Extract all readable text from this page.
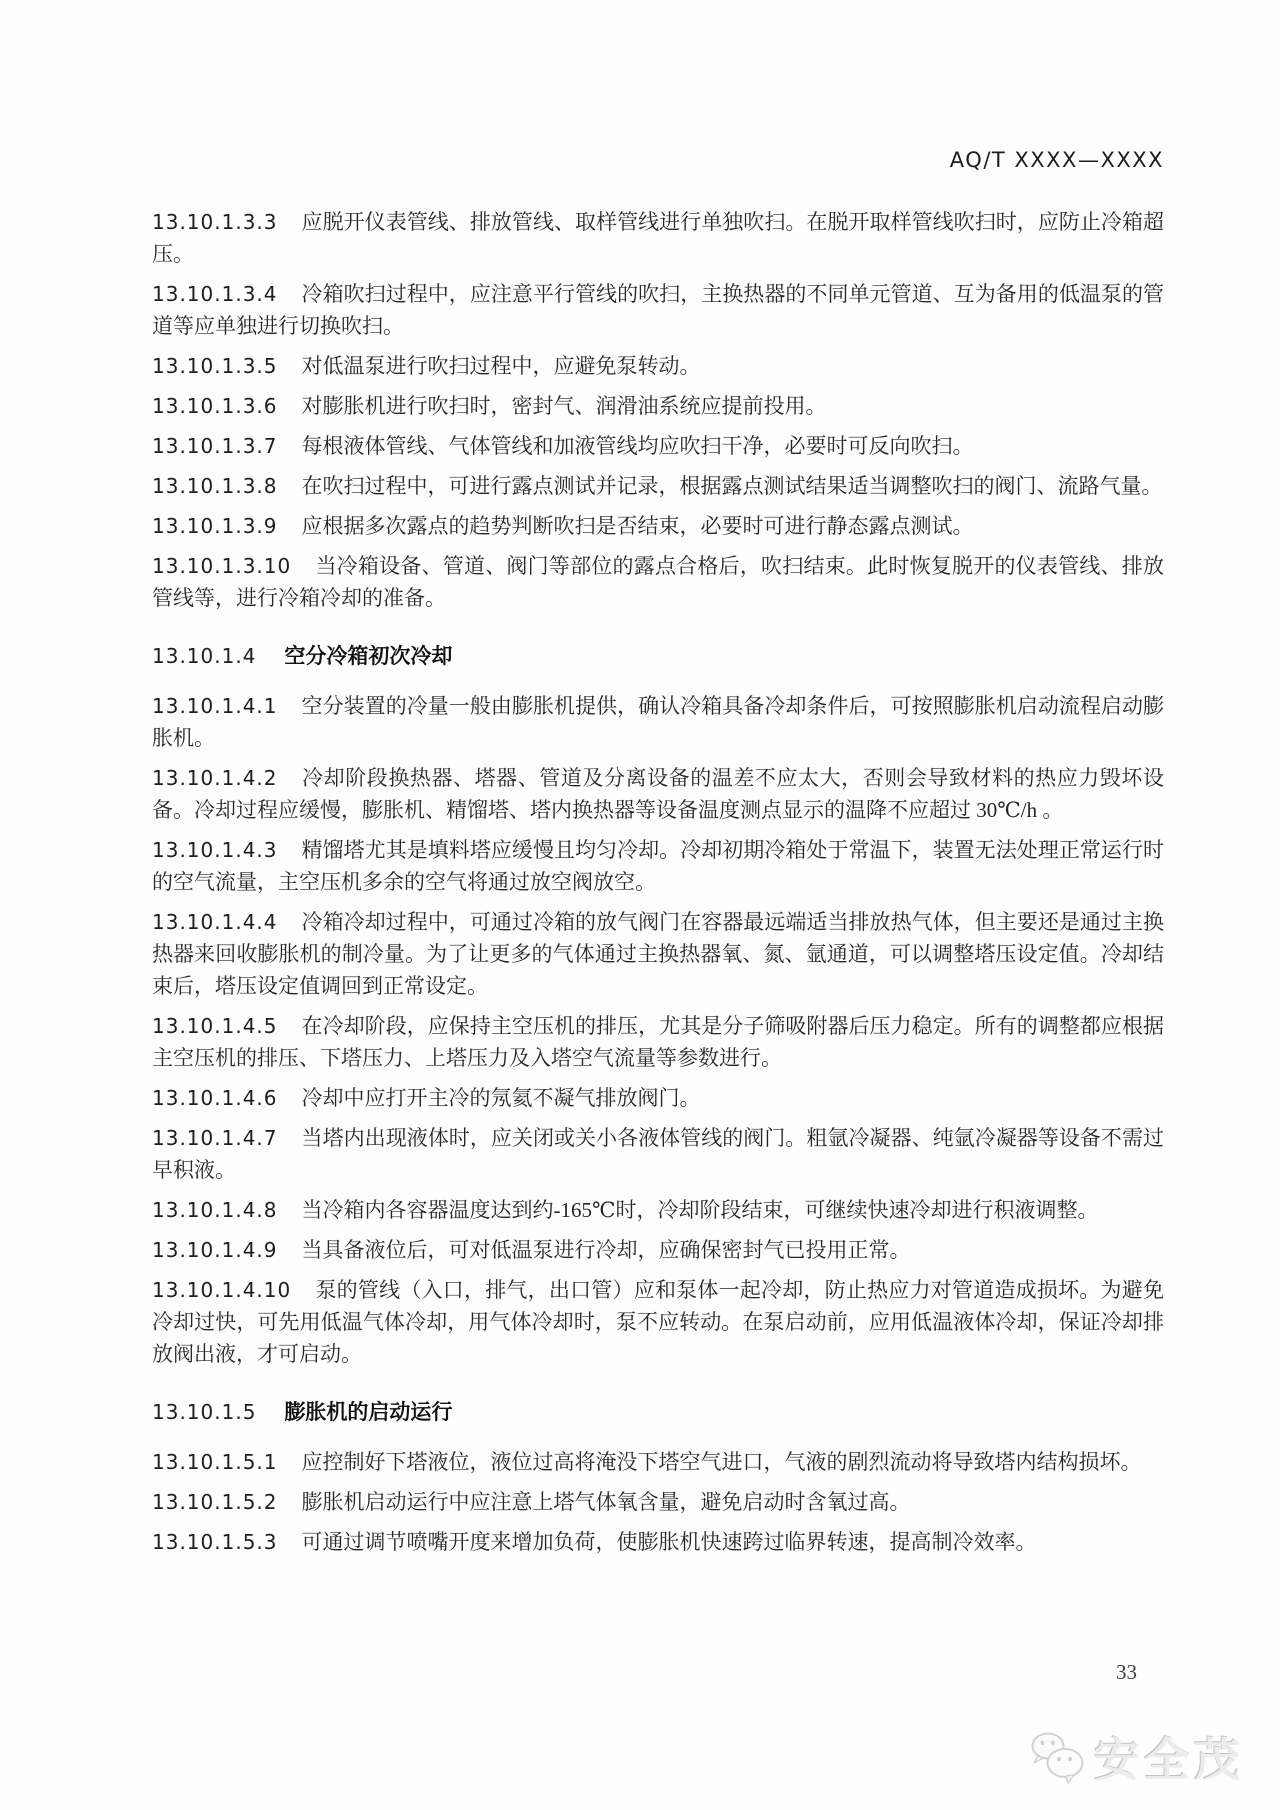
AQ/T XXXX—XXXX

13.10.1.3.3 应脱开仪表管线、排放管线、取样管线进行单独吹扫。在脱开取样管线吹扫时，应防止冷箱超压。

13.10.1.3.4 冷箱吹扫过程中，应注意平行管线的吹扫，主换热器的不同单元管道、互为备用的低温泵的管道等应单独进行切换吹扫。

13.10.1.3.5 对低温泵进行吹扫过程中，应避免泵转动。

13.10.1.3.6 对膨胀机进行吹扫时，密封气、润滑油系统应提前投用。

13.10.1.3.7 每根液体管线、气体管线和加液管线均应吹扫干净，必要时可反向吹扫。

13.10.1.3.8 在吹扫过程中，可进行露点测试并记录，根据露点测试结果适当调整吹扫的阀门、流路气量。

13.10.1.3.9 应根据多次露点的趋势判断吹扫是否结束，必要时可进行静态露点测试。

13.10.1.3.10 当冷箱设备、管道、阀门等部位的露点合格后，吹扫结束。此时恢复脱开的仪表管线、排放管线等，进行冷箱冷却的准备。

13.10.1.4 空分冷箱初次冷却

13.10.1.4.1 空分装置的冷量一般由膨胀机提供，确认冷箱具备冷却条件后，可按照膨胀机启动流程启动膨胀机。

13.10.1.4.2 冷却阶段换热器、塔器、管道及分离设备的温差不应太大，否则会导致材料的热应力毁坏设备。冷却过程应缓慢，膨胀机、精馏塔、塔内换热器等设备温度测点显示的温降不应超过 30℃/h 。

13.10.1.4.3 精馏塔尤其是填料塔应缓慢且均匀冷却。冷却初期冷箱处于常温下，装置无法处理正常运行时的空气流量，主空压机多余的空气将通过放空阀放空。

13.10.1.4.4 冷箱冷却过程中，可通过冷箱的放气阀门在容器最远端适当排放热气体，但主要还是通过主换热器来回收膨胀机的制冷量。为了让更多的气体通过主换热器氧、氮、氩通道，可以调整塔压设定值。冷却结束后，塔压设定值调回到正常设定。

13.10.1.4.5 在冷却阶段，应保持主空压机的排压，尤其是分子筛吸附器后压力稳定。所有的调整都应根据主空压机的排压、下塔压力、上塔压力及入塔空气流量等参数进行。

13.10.1.4.6 冷却中应打开主冷的氖氦不凝气排放阀门。

13.10.1.4.7 当塔内出现液体时，应关闭或关小各液体管线的阀门。粗氩冷凝器、纯氩冷凝器等设备不需过早积液。

13.10.1.4.8 当冷箱内各容器温度达到约-165℃时，冷却阶段结束，可继续快速冷却进行积液调整。

13.10.1.4.9 当具备液位后，可对低温泵进行冷却，应确保密封气已投用正常。

13.10.1.4.10 泵的管线（入口，排气，出口管）应和泵体一起冷却，防止热应力对管道造成损坏。为避免冷却过快，可先用低温气体冷却，用气体冷却时，泵不应转动。在泵启动前，应用低温液体冷却，保证冷却排放阀出液，才可启动。

13.10.1.5 膨胀机的启动运行

13.10.1.5.1 应控制好下塔液位，液位过高将淹没下塔空气进口，气液的剧烈流动将导致塔内结构损坏。

13.10.1.5.2 膨胀机启动运行中应注意上塔气体氧含量，避免启动时含氧过高。

13.10.1.5.3 可通过调节喷嘴开度来增加负荷，使膨胀机快速跨过临界转速，提高制冷效率。

33
安全茂
